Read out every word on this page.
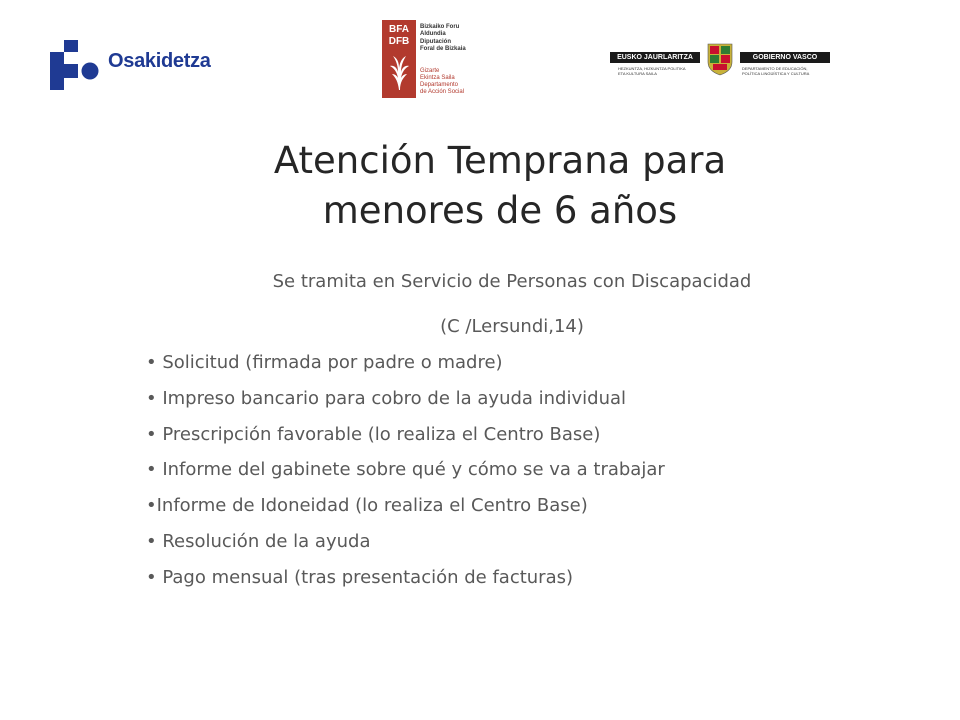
Osakidetza
BFA
DFB
Bizkaiko Foru
Aldundia
Diputación
Foral de Bizkaia
Gizarte
Ekintza Saila
Departamento
de Acción Social
EUSKO JAURLARITZA	GOBIERNO VASCO
HEZKUNTZA, HIZKUNTZA POLITIKA
ETA KULTURA SAILA
DEPARTAMENTO DE EDUCACIÓN,
POLÍTICA LINGÜÍSTICA Y CULTURA
Atención Temprana para
menores de 6 años
Se tramita en Servicio de Personas con Discapacidad
(C /Lersundi,14)
• Solicitud (firmada por padre o madre)
• Impreso bancario para cobro de la ayuda individual
• Prescripción favorable (lo realiza el Centro Base)
• Informe del gabinete sobre qué y cómo se va a trabajar
•Informe de Idoneidad (lo realiza el Centro Base)
• Resolución de la ayuda
• Pago mensual (tras presentación de facturas)
